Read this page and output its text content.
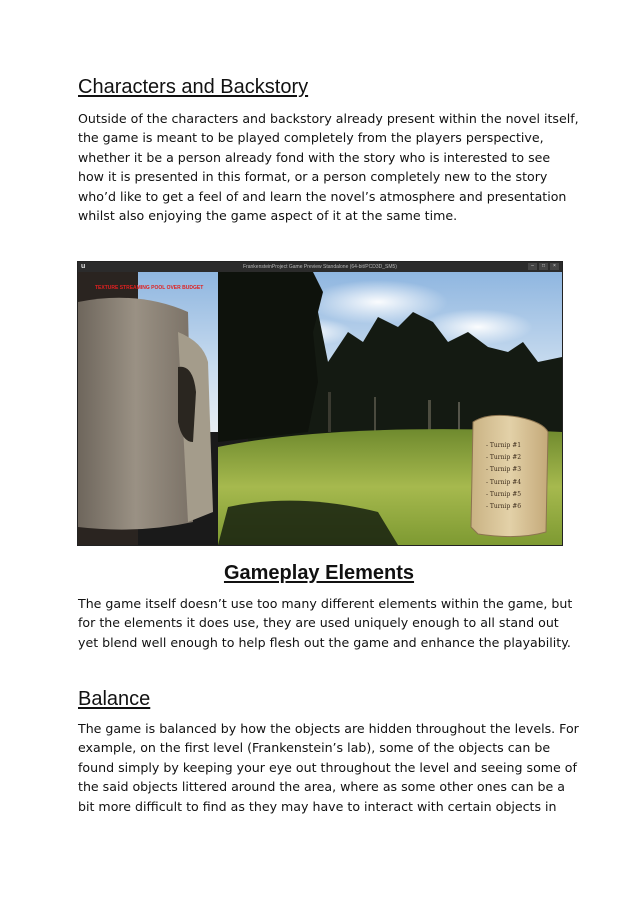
Characters and Backstory
Outside of the characters and backstory already present within the novel itself,
the game is meant to be played completely from the players perspective,
whether it be a person already fond with the story who is interested to see
how it is presented in this format, or a person completely new to the story
who’d like to get a feel of and learn the novel’s atmosphere and presentation
whilst also enjoying the game aspect of it at the same time.
u	FrankensteinProject Game Preview Standalone (64-bit/PCD3D_SM5)	–	□	×
TEXTURE STREAMING POOL OVER BUDGET
- Turnip #1
- Turnip #2
- Turnip #3
- Turnip #4
- Turnip #5
- Turnip #6
Gameplay Elements
The game itself doesn’t use too many different elements within the game, but
for the elements it does use, they are used uniquely enough to all stand out
yet blend well enough to help flesh out the game and enhance the playability.
Balance
The game is balanced by how the objects are hidden throughout the levels. For
example, on the first level (Frankenstein’s lab), some of the objects can be
found simply by keeping your eye out throughout the level and seeing some of
the said objects littered around the area, where as some other ones can be a
bit more difficult to find as they may have to interact with certain objects in
